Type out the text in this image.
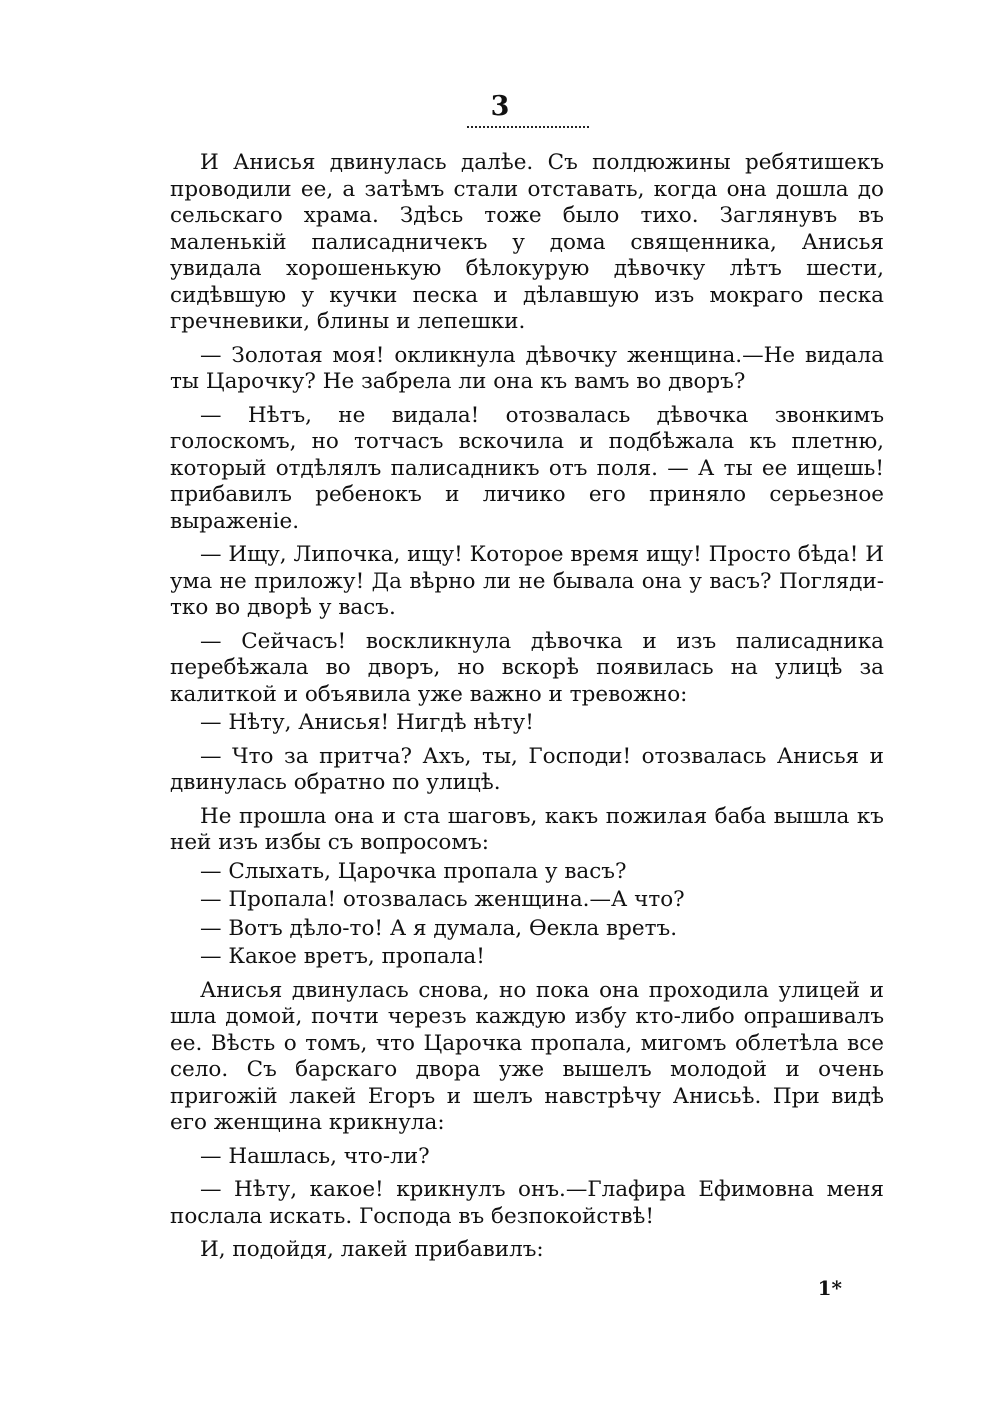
3

И Анисья двинулась далѣе. Съ полдюжины ребятишекъ проводили ее, а затѣмъ стали отставать, когда она дошла до сельскаго храма. Здѣсь тоже было тихо. Заглянувъ въ маленькій палисадничекъ у дома священника, Анисья увидала хорошенькую бѣлокурую дѣвочку лѣтъ шести, сидѣвшую у кучки песка и дѣлавшую изъ мокраго песка гречневики, блины и лепешки.

— Золотая моя! окликнула дѣвочку женщина.—Не видала ты Царочку? Не забрела ли она къ вамъ во дворъ?

— Нѣтъ, не видала! отозвалась дѣвочка звонкимъ голоскомъ, но тотчасъ вскочила и подбѣжала къ плетню, который отдѣлялъ палисадникъ отъ поля. — А ты ее ищешь! прибавилъ ребенокъ и личико его приняло серьезное выраженіе.

— Ищу, Липочка, ищу! Которое время ищу! Просто бѣда! И ума не приложу! Да вѣрно ли не бывала она у васъ? Погляди-тко во дворѣ у васъ.

— Сейчасъ! воскликнула дѣвочка и изъ палисадника перебѣжала во дворъ, но вскорѣ появилась на улицѣ за калиткой и объявила уже важно и тревожно:

— Нѣту, Анисья! Нигдѣ нѣту!

— Что за притча? Ахъ, ты, Господи! отозвалась Анисья и двинулась обратно по улицѣ.

Не прошла она и ста шаговъ, какъ пожилая баба вышла къ ней изъ избы съ вопросомъ:

— Слыхать, Царочка пропала у васъ?

— Пропала! отозвалась женщина.—А что?

— Вотъ дѣло-то! А я думала, Ѳекла вретъ.

— Какое вретъ, пропала!

Анисья двинулась снова, но пока она проходила улицей и шла домой, почти черезъ каждую избу кто-либо опрашивалъ ее. Вѣсть о томъ, что Царочка пропала, мигомъ облетѣла все село. Съ барскаго двора уже вышелъ молодой и очень пригожій лакей Егоръ и шелъ навстрѣчу Анисьѣ. При видѣ его женщина крикнула:

— Нашлась, что-ли?

— Нѣту, какое! крикнулъ онъ.—Глафира Ефимовна меня послала искать. Господа въ безпокойствѣ!

И, подойдя, лакей прибавилъ:

1*
